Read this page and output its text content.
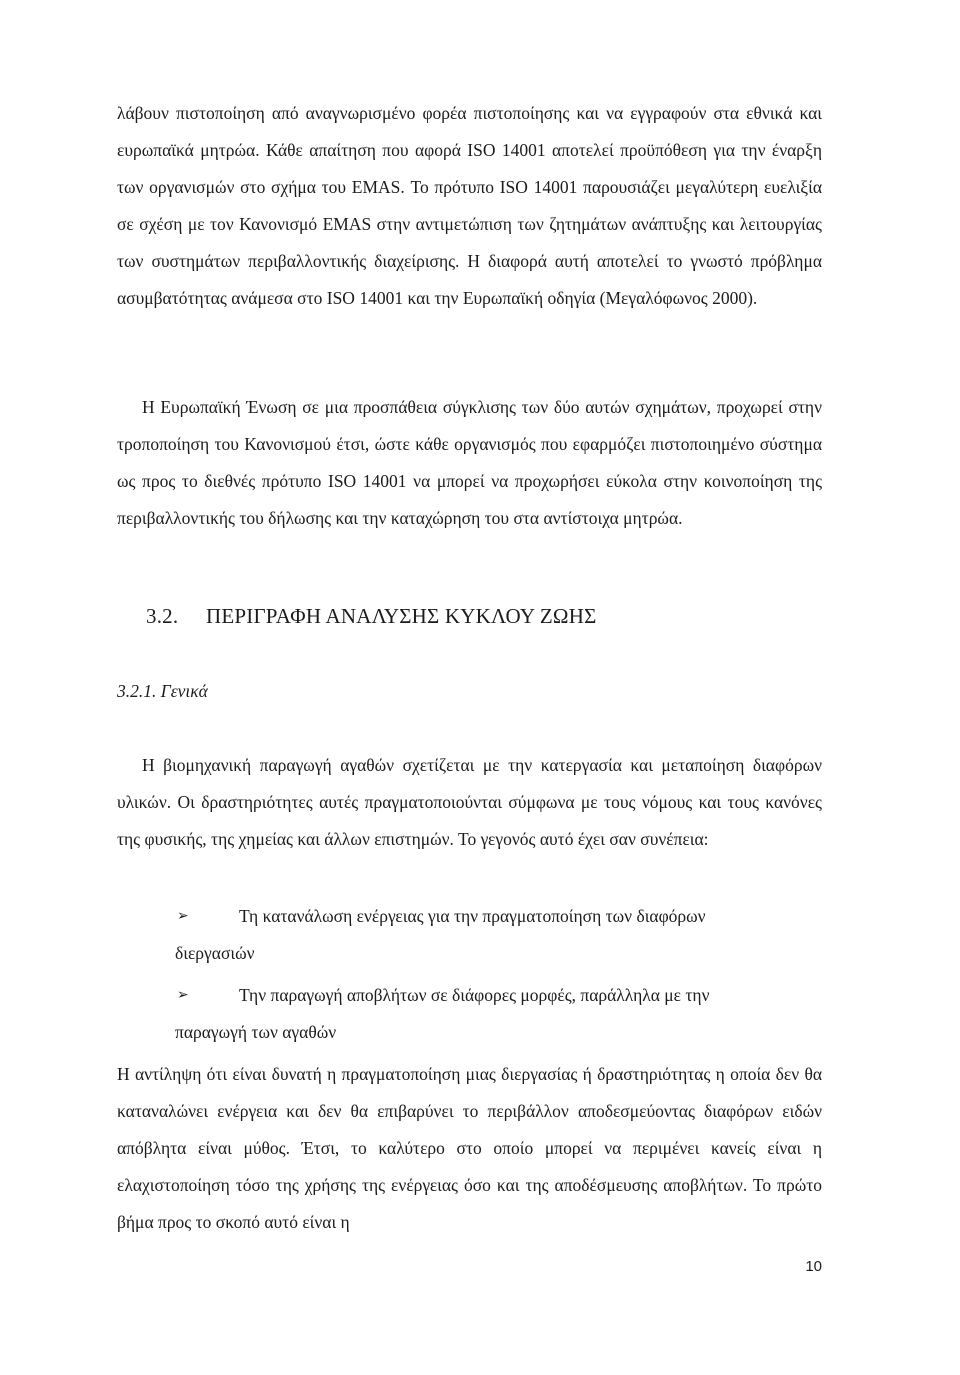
λάβουν πιστοποίηση από αναγνωρισμένο φορέα πιστοποίησης και να εγγραφούν στα εθνικά και ευρωπαϊκά μητρώα. Κάθε απαίτηση που αφορά ISO 14001 αποτελεί προϋπόθεση για την έναρξη των οργανισμών στο σχήμα του EMAS. Το πρότυπο ISO 14001 παρουσιάζει μεγαλύτερη ευελιξία σε σχέση με τον Κανονισμό EMAS στην αντιμετώπιση των ζητημάτων ανάπτυξης και λειτουργίας των συστημάτων περιβαλλοντικής διαχείρισης. Η διαφορά αυτή αποτελεί το γνωστό πρόβλημα ασυμβατότητας ανάμεσα στο ISO 14001 και την Ευρωπαϊκή οδηγία (Μεγαλόφωνος 2000).

Η Ευρωπαϊκή Ένωση σε μια προσπάθεια σύγκλισης των δύο αυτών σχημάτων, προχωρεί στην τροποποίηση του Κανονισμού έτσι, ώστε κάθε οργανισμός που εφαρμόζει πιστοποιημένο σύστημα ως προς το διεθνές πρότυπο ISO 14001 να μπορεί να προχωρήσει εύκολα στην κοινοποίηση της περιβαλλοντικής του δήλωσης και την καταχώρηση του στα αντίστοιχα μητρώα.

3.2. ΠΕΡΙΓΡΑΦΗ ΑΝΑΛΥΣΗΣ ΚΥΚΛΟΥ ΖΩΗΣ
3.2.1. Γενικά

Η βιομηχανική παραγωγή αγαθών σχετίζεται με την κατεργασία και μεταποίηση διαφόρων υλικών. Οι δραστηριότητες αυτές πραγματοποιούνται σύμφωνα με τους νόμους και τους κανόνες της φυσικής, της χημείας και άλλων επιστημών. Το γεγονός αυτό έχει σαν συνέπεια:

➢	Τη κατανάλωση ενέργειας για την πραγματοποίηση των διαφόρων
διεργασιών
➢	Την παραγωγή αποβλήτων σε διάφορες μορφές, παράλληλα με την
παραγωγή των αγαθών

Η αντίληψη ότι είναι δυνατή η πραγματοποίηση μιας διεργασίας ή δραστηριότητας η οποία δεν θα καταναλώνει ενέργεια και δεν θα επιβαρύνει το περιβάλλον αποδεσμεύοντας διαφόρων ειδών απόβλητα είναι μύθος. Έτσι, το καλύτερο στο οποίο μπορεί να περιμένει κανείς είναι η ελαχιστοποίηση τόσο της χρήσης της ενέργειας όσο και της αποδέσμευσης αποβλήτων. Το πρώτο βήμα προς το σκοπό αυτό είναι η

10
